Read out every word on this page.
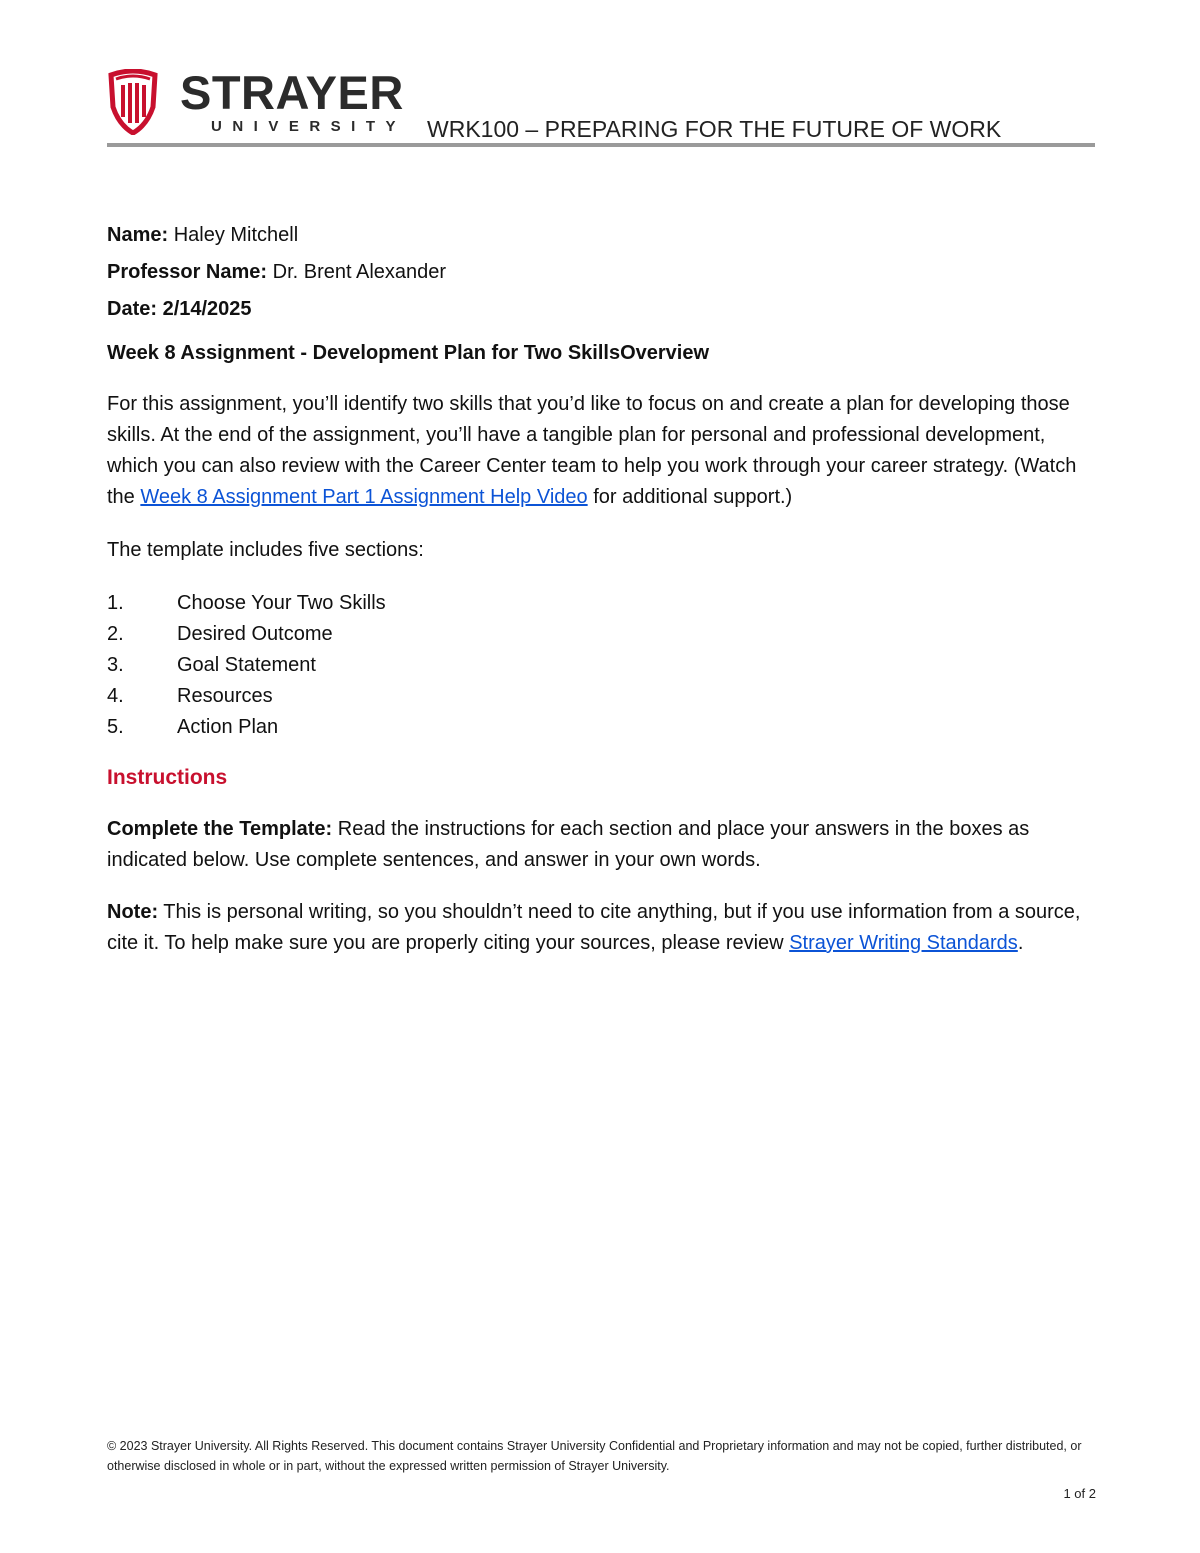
STRAYER
UNIVERSITY WRK100 – PREPARING FOR THE FUTURE OF WORK
Name: Haley Mitchell
Professor Name: Dr. Brent Alexander
Date: 2/14/2025
Week 8 Assignment - Development Plan for Two SkillsOverview
For this assignment, you’ll identify two skills that you’d like to focus on and create a plan for developing those skills. At the end of the assignment, you’ll have a tangible plan for personal and professional development, which you can also review with the Career Center team to help you work through your career strategy. (Watch the Week 8 Assignment Part 1 Assignment Help Video for additional support.)
The template includes five sections:
1.	Choose Your Two Skills
2.	Desired Outcome
3.	Goal Statement
4.	Resources
5.	Action Plan
Instructions
Complete the Template: Read the instructions for each section and place your answers in the boxes as indicated below. Use complete sentences, and answer in your own words.
Note: This is personal writing, so you shouldn’t need to cite anything, but if you use information from a source, cite it. To help make sure you are properly citing your sources, please review Strayer Writing Standards.
© 2023 Strayer University. All Rights Reserved. This document contains Strayer University Confidential and Proprietary information and may not be copied, further distributed, or otherwise disclosed in whole or in part, without the expressed written permission of Strayer University.
1 of 2
